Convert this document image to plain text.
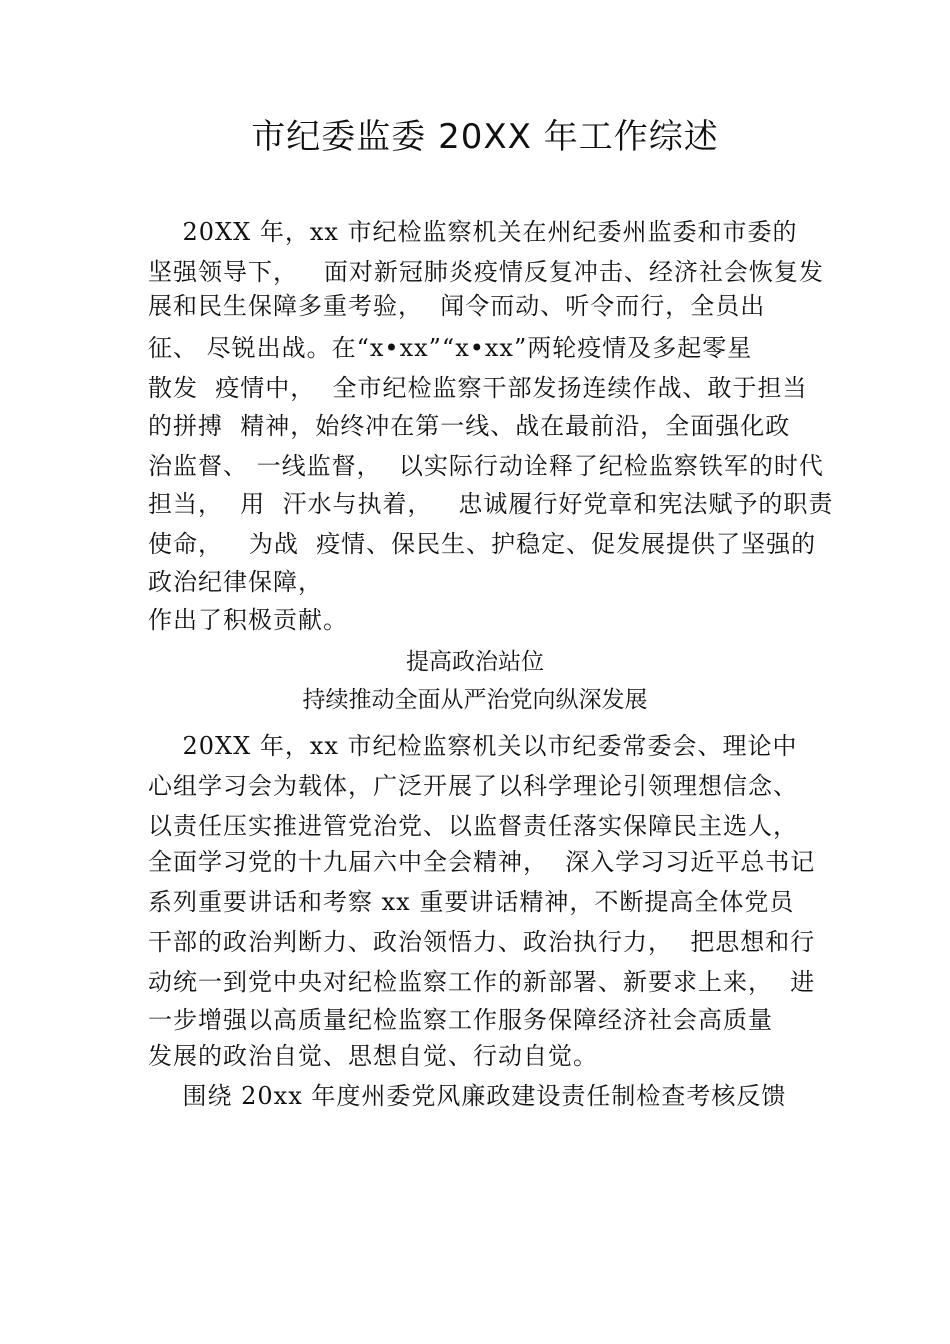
市纪委监委 20XX 年工作综述
20XX 年，xx 市纪检监察机关在州纪委州监委和市委的
坚强领导下，   面对新冠肺炎疫情反复冲击、经济社会恢复发
展和民生保障多重考验，  闻令而动、听令而行，全员出
征、 尽锐出战。在“x•xx”“x•xx”两轮疫情及多起零星
散发  疫情中，  全市纪检监察干部发扬连续作战、敢于担当
的拼搏  精神，始终冲在第一线、战在最前沿，全面强化政
治监督、 一线监督，  以实际行动诠释了纪检监察铁军的时代
担当，  用  汗水与执着，   忠诚履行好党章和宪法赋予的职责
使命，   为战  疫情、保民生、护稳定、促发展提供了坚强的
政治纪律保障，
作出了积极贡献。
提高政治站位
持续推动全面从严治党向纵深发展
20XX 年，xx 市纪检监察机关以市纪委常委会、理论中
心组学习会为载体，广泛开展了以科学理论引领理想信念、
以责任压实推进管党治党、以监督责任落实保障民主选人，
全面学习党的十九届六中全会精神，  深入学习习近平总书记
系列重要讲话和考察 xx 重要讲话精神，不断提高全体党员
干部的政治判断力、政治领悟力、政治执行力，  把思想和行
动统一到党中央对纪检监察工作的新部署、新要求上来，  进
一步增强以高质量纪检监察工作服务保障经济社会高质量
发展的政治自觉、思想自觉、行动自觉。
围绕 20xx 年度州委党风廉政建设责任制检查考核反馈
